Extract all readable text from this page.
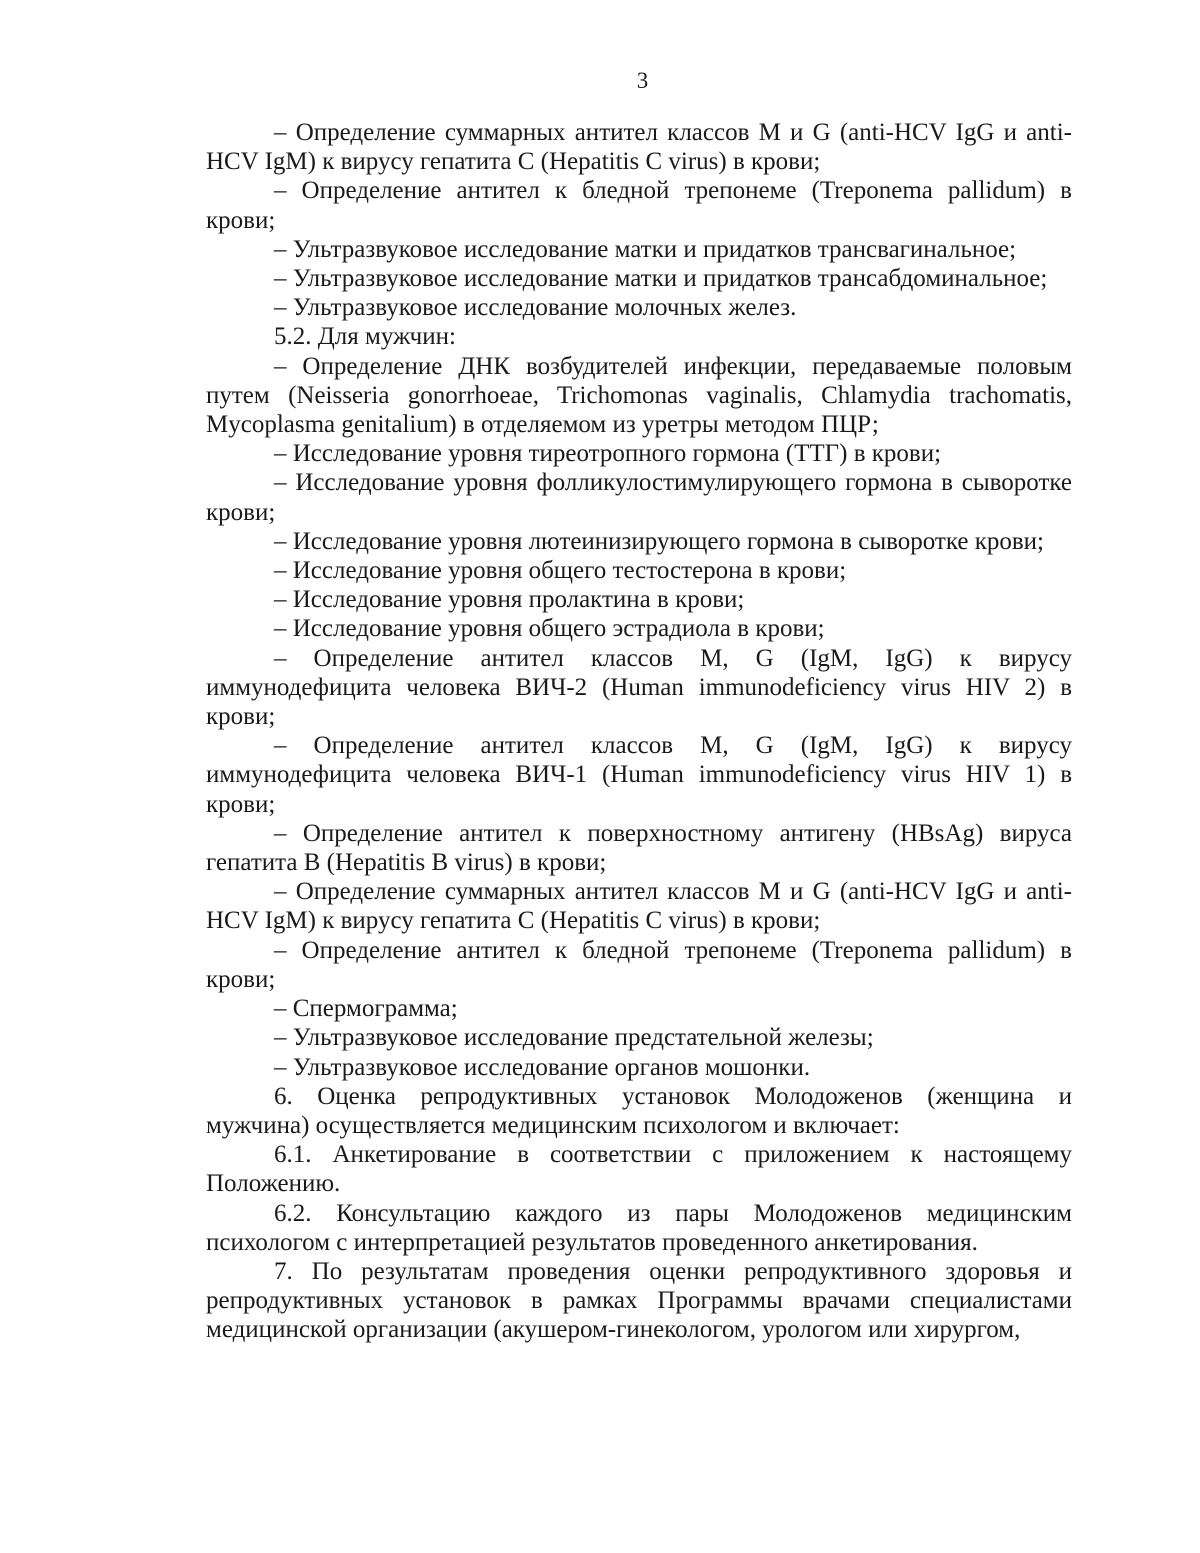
3

– Определение суммарных антител классов M и G (anti-HCV IgG и anti-HCV IgM) к вирусу гепатита С (Hepatitis C virus) в крови;

– Определение антител к бледной трепонеме (Treponema pallidum) в крови;

– Ультразвуковое исследование матки и придатков трансвагинальное;

– Ультразвуковое исследование матки и придатков трансабдоминальное;

– Ультразвуковое исследование молочных желез.

5.2. Для мужчин:

– Определение ДНК возбудителей инфекции, передаваемые половым путем (Neisseria gonorrhoeae, Trichomonas vaginalis, Chlamydia trachomatis, Mycoplasma genitalium) в отделяемом из уретры методом ПЦР;

– Исследование уровня тиреотропного гормона (ТТГ) в крови;

– Исследование уровня фолликулостимулирующего гормона в сыворотке крови;

– Исследование уровня лютеинизирующего гормона в сыворотке крови;

– Исследование уровня общего тестостерона в крови;

– Исследование уровня пролактина в крови;

– Исследование уровня общего эстрадиола в крови;

– Определение антител классов M, G (IgM, IgG) к вирусу иммунодефицита человека ВИЧ-2 (Human immunodeficiency virus HIV 2) в крови;

– Определение антител классов M, G (IgM, IgG) к вирусу иммунодефицита человека ВИЧ-1 (Human immunodeficiency virus HIV 1) в крови;

– Определение антител к поверхностному антигену (HBsAg) вируса гепатита В (Hepatitis B virus) в крови;

– Определение суммарных антител классов M и G (anti-HCV IgG и anti-HCV IgM) к вирусу гепатита С (Hepatitis C virus) в крови;

– Определение антител к бледной трепонеме (Treponema pallidum) в крови;

– Спермограмма;

– Ультразвуковое исследование предстательной железы;

– Ультразвуковое исследование органов мошонки.

6. Оценка репродуктивных установок Молодоженов (женщина и мужчина) осуществляется медицинским психологом и включает:

6.1. Анкетирование в соответствии с приложением к настоящему Положению.

6.2. Консультацию каждого из пары Молодоженов медицинским психологом с интерпретацией результатов проведенного анкетирования.

7. По результатам проведения оценки репродуктивного здоровья и репродуктивных установок в рамках Программы врачами специалистами медицинской организации (акушером-гинекологом, урологом или хирургом,
